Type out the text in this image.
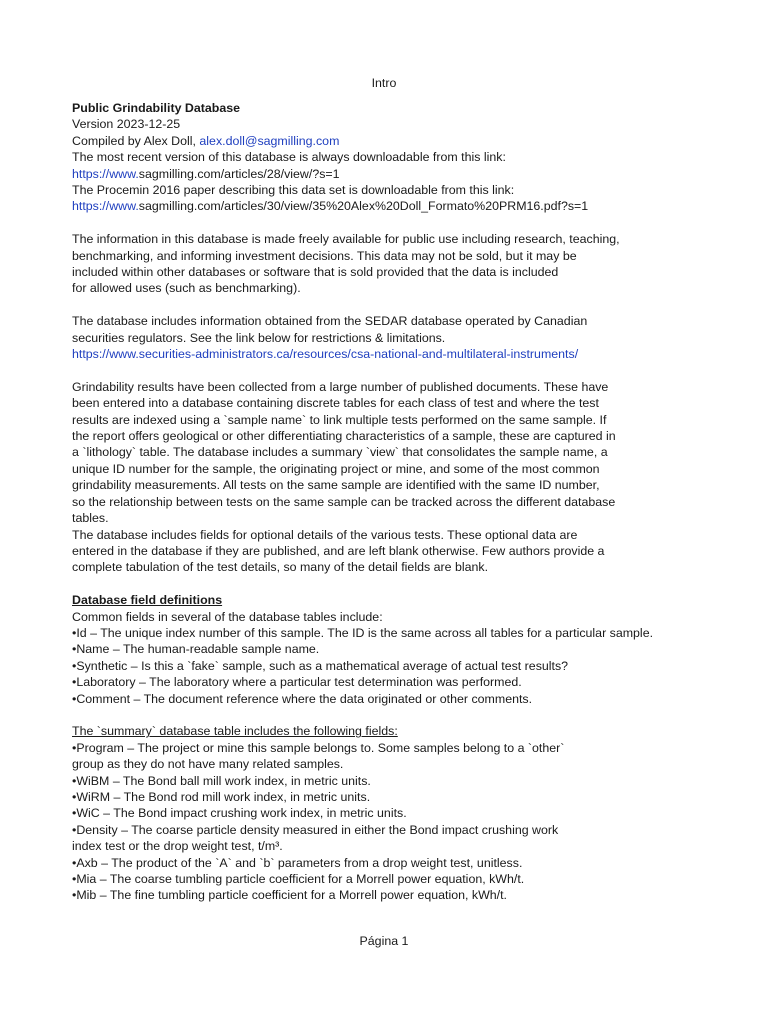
Intro
Public Grindability Database
Version 2023-12-25
Compiled by Alex Doll, alex.doll@sagmilling.com
The most recent version of this database is always downloadable from this link:
https://www.sagmilling.com/articles/28/view/?s=1
The Procemin 2016 paper describing this data set is downloadable from this link:
https://www.sagmilling.com/articles/30/view/35%20Alex%20Doll_Formato%20PRM16.pdf?s=1
The information in this database is made freely available for public use including research, teaching,
benchmarking, and informing investment decisions. This data may not be sold, but it may be
included within other databases or software that is sold provided that the data is included
for allowed uses (such as benchmarking).
The database includes information obtained from the SEDAR database operated by Canadian
securities regulators. See the link below for restrictions & limitations.
https://www.securities-administrators.ca/resources/csa-national-and-multilateral-instruments/
Grindability results have been collected from a large number of published documents. These have
been entered into a database containing discrete tables for each class of test and where the test
results are indexed using a `sample name` to link multiple tests performed on the same sample. If
the report offers geological or other differentiating characteristics of a sample, these are captured in
a `lithology` table. The database includes a summary `view` that consolidates the sample name, a
unique ID number for the sample, the originating project or mine, and some of the most common
grindability measurements. All tests on the same sample are identified with the same ID number,
so the relationship between tests on the same sample can be tracked across the different database
tables.
The database includes fields for optional details of the various tests. These optional data are
entered in the database if they are published, and are left blank otherwise. Few authors provide a
complete tabulation of the test details, so many of the detail fields are blank.
Database field definitions
Common fields in several of the database tables include:
•Id – The unique index number of this sample. The ID is the same across all tables for a particular sample.
•Name – The human-readable sample name.
•Synthetic – Is this a `fake` sample, such as a mathematical average of actual test results?
•Laboratory – The laboratory where a particular test determination was performed.
•Comment – The document reference where the data originated or other comments.
The `summary` database table includes the following fields:
•Program – The project or mine this sample belongs to. Some samples belong to a `other`
group as they do not have many related samples.
•WiBM – The Bond ball mill work index, in metric units.
•WiRM – The Bond rod mill work index, in metric units.
•WiC – The Bond impact crushing work index, in metric units.
•Density – The coarse particle density measured in either the Bond impact crushing work
index test or the drop weight test, t/m³.
•Axb – The product of the `A` and `b` parameters from a drop weight test, unitless.
•Mia – The coarse tumbling particle coefficient for a Morrell power equation, kWh/t.
•Mib – The fine tumbling particle coefficient for a Morrell power equation, kWh/t.
Página 1
